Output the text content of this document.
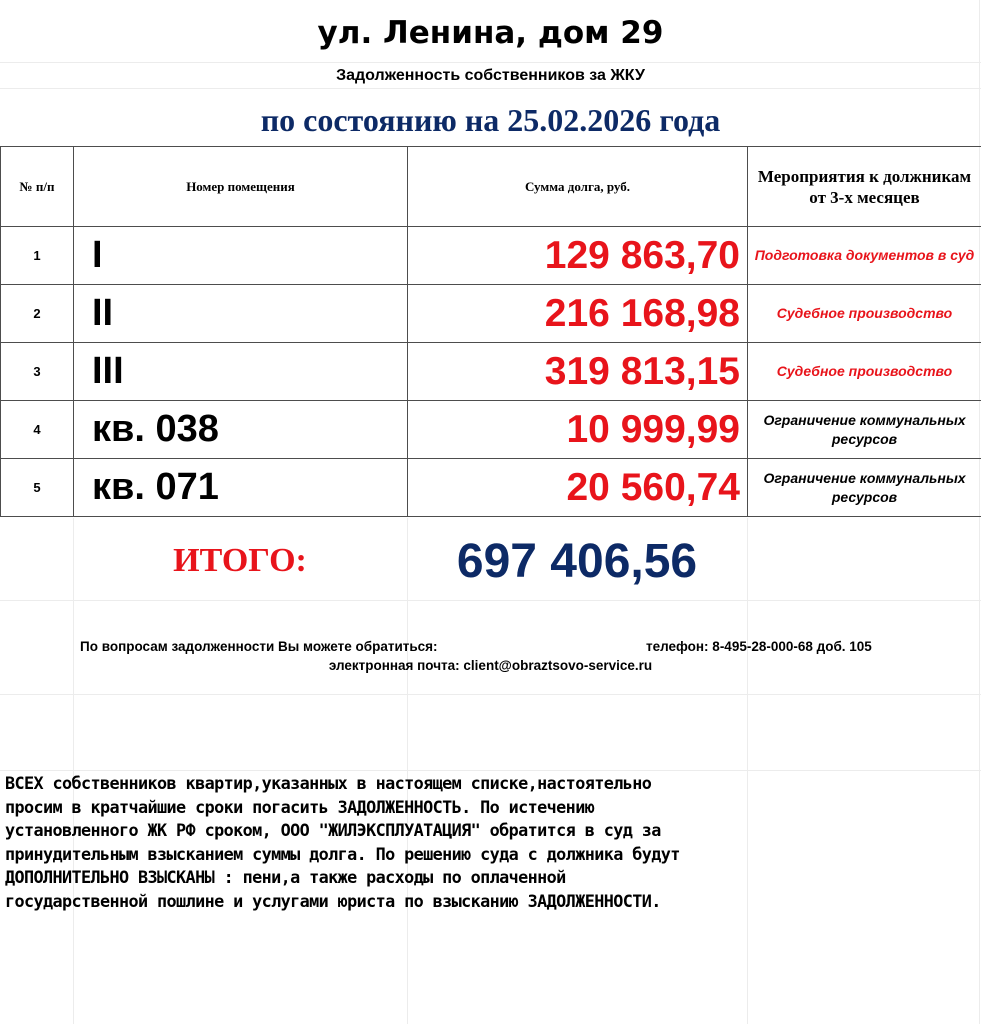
ул. Ленина, дом 29
Задолженность собственников за ЖКУ
по состоянию на 25.02.2026 года
№ п/п	Номер помещения	Сумма долга, руб.	Мероприятия к должникам от 3-х месяцев
1	I	129 863,70	Подготовка документов в суд
2	II	216 168,98	Судебное производство
3	III	319 813,15	Судебное производство
4	кв. 038	10 999,99	Ограничение коммунальных ресурсов
5	кв. 071	20 560,74	Ограничение коммунальных ресурсов
ИТОГО:	697 406,56
По вопросам задолженности Вы можете обратиться:	телефон: 8-495-28-000-68 доб. 105
электронная почта: client@obraztsovo-service.ru
ВСЕХ собственников квартир,указанных в настоящем списке,настоятельно
просим в кратчайшие сроки погасить ЗАДОЛЖЕННОСТЬ. По истечению
установленного ЖК РФ сроком, ООО "ЖИЛЭКСПЛУАТАЦИЯ" обратится в суд за
принудительным взысканием суммы долга. По решению суда с должника будут
ДОПОЛНИТЕЛЬНО ВЗЫСКАНЫ : пени,а также расходы по оплаченной
государственной пошлине и услугами юриста по взысканию ЗАДОЛЖЕННОСТИ.
